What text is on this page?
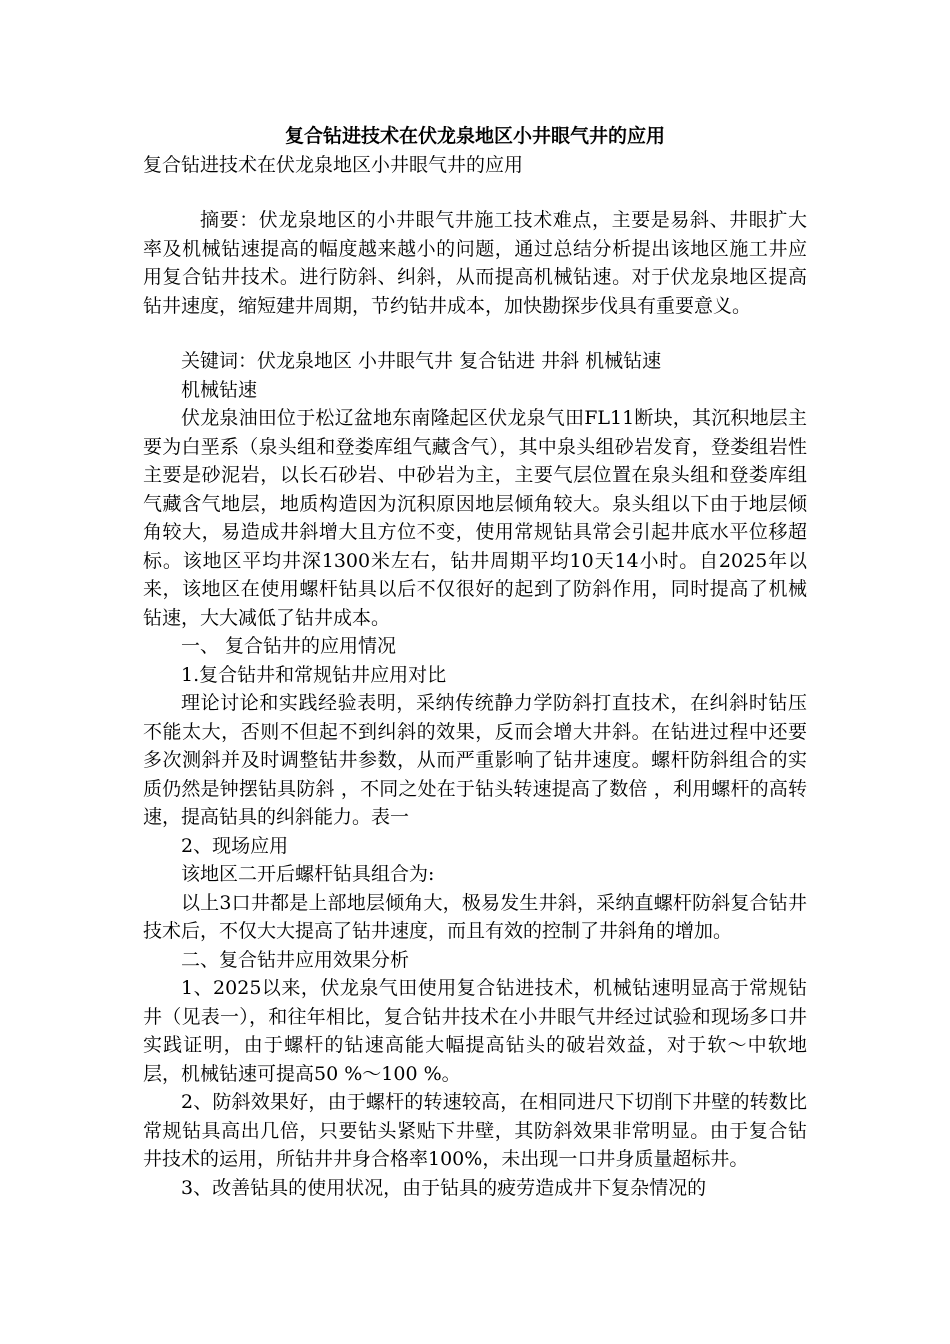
复合钻进技术在伏龙泉地区小井眼气井的应用

复合钻进技术在伏龙泉地区小井眼气井的应用

摘要：伏龙泉地区的小井眼气井施工技术难点，主要是易斜、井眼扩大率及机械钻速提高的幅度越来越小的问题，通过总结分析提出该地区施工井应用复合钻井技术。进行防斜、纠斜，从而提高机械钻速。对于伏龙泉地区提高钻井速度，缩短建井周期，节约钻井成本，加快勘探步伐具有重要意义。

关键词：伏龙泉地区 小井眼气井 复合钻进 井斜 机械钻速

机械钻速

伏龙泉油田位于松辽盆地东南隆起区伏龙泉气田FL11断块，其沉积地层主要为白垩系（泉头组和登娄库组气藏含气），其中泉头组砂岩发育，登娄组岩性主要是砂泥岩，以长石砂岩、中砂岩为主，主要气层位置在泉头组和登娄库组气藏含气地层，地质构造因为沉积原因地层倾角较大。泉头组以下由于地层倾角较大，易造成井斜增大且方位不变，使用常规钻具常会引起井底水平位移超标。该地区平均井深1300米左右，钻井周期平均10天14小时。自2025年以来，该地区在使用螺杆钻具以后不仅很好的起到了防斜作用，同时提高了机械钻速，大大减低了钻井成本。

一、 复合钻井的应用情况

1.复合钻井和常规钻井应用对比

理论讨论和实践经验表明，采纳传统静力学防斜打直技术，在纠斜时钻压不能太大，否则不但起不到纠斜的效果，反而会增大井斜。在钻进过程中还要多次测斜并及时调整钻井参数，从而严重影响了钻井速度。螺杆防斜组合的实质仍然是钟摆钻具防斜 ，不同之处在于钻头转速提高了数倍 ，利用螺杆的高转速，提高钻具的纠斜能力。表一

2、现场应用

该地区二开后螺杆钻具组合为:

以上3口井都是上部地层倾角大，极易发生井斜，采纳直螺杆防斜复合钻井技术后，不仅大大提高了钻井速度，而且有效的控制了井斜角的增加。

二、复合钻井应用效果分析

1、2025以来，伏龙泉气田使用复合钻进技术，机械钻速明显高于常规钻井（见表一），和往年相比，复合钻井技术在小井眼气井经过试验和现场多口井实践证明，由于螺杆的钻速高能大幅提高钻头的破岩效益，对于软～中软地层，机械钻速可提高50 %～100 %。

2、防斜效果好，由于螺杆的转速较高，在相同进尺下切削下井壁的转数比常规钻具高出几倍，只要钻头紧贴下井壁，其防斜效果非常明显。由于复合钻井技术的运用，所钻井井身合格率100%，未出现一口井身质量超标井。

3、改善钻具的使用状况，由于钻具的疲劳造成井下复杂情况的
